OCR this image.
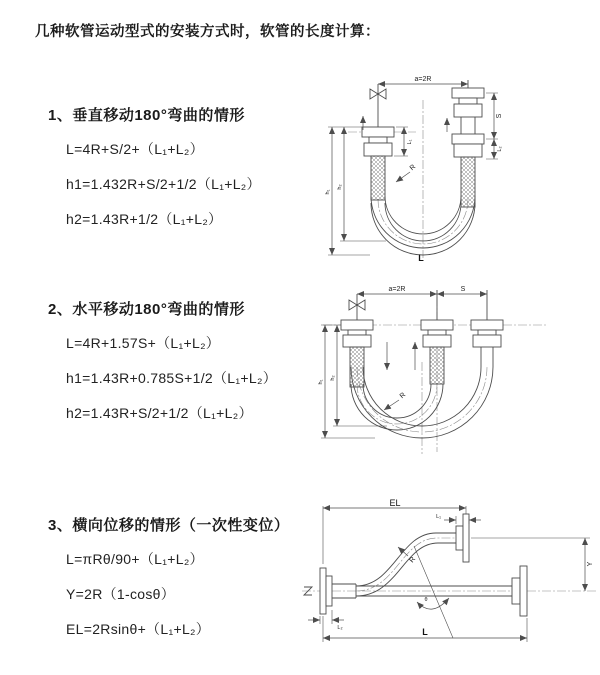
几种软管运动型式的安装方式时，软管的长度计算：
1、垂直移动180°弯曲的情形
L=4R+S/2+（L₁+L₂）
h1=1.432R+S/2+1/2（L₁+L₂）
h2=1.43R+1/2（L₁+L₂）
a=2R
S
L₂
L₁
h₁
h₂
R
L
2、水平移动180°弯曲的情形
L=4R+1.57S+（L₁+L₂）
h1=1.43R+0.785S+1/2（L₁+L₂）
h2=1.43R+S/2+1/2（L₁+L₂）
a=2R	S
h₁
h₂
R
3、横向位移的情形（一次性变位）
L=πRθ/90+（L₁+L₂）
Y=2R（1-cosθ）
EL=2Rsinθ+（L₁+L₂）
EL
L₁
Y
θ
R
L₂	L
